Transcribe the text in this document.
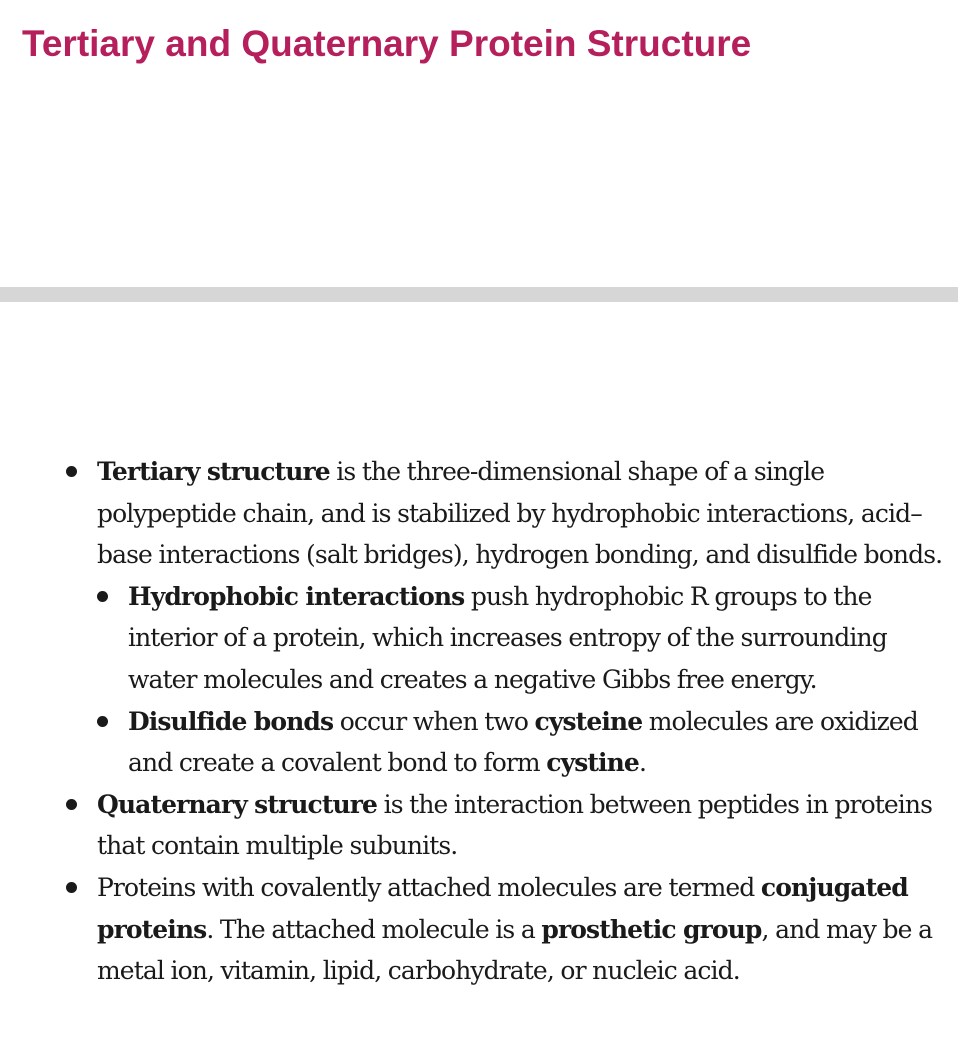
Tertiary and Quaternary Protein Structure
Tertiary structure is the three-dimensional shape of a single polypeptide chain, and is stabilized by hydrophobic interactions, acid–base interactions (salt bridges), hydrogen bonding, and disulfide bonds.
Hydrophobic interactions push hydrophobic R groups to the interior of a protein, which increases entropy of the surrounding water molecules and creates a negative Gibbs free energy.
Disulfide bonds occur when two cysteine molecules are oxidized and create a covalent bond to form cystine.
Quaternary structure is the interaction between peptides in proteins that contain multiple subunits.
Proteins with covalently attached molecules are termed conjugated proteins. The attached molecule is a prosthetic group, and may be a metal ion, vitamin, lipid, carbohydrate, or nucleic acid.
